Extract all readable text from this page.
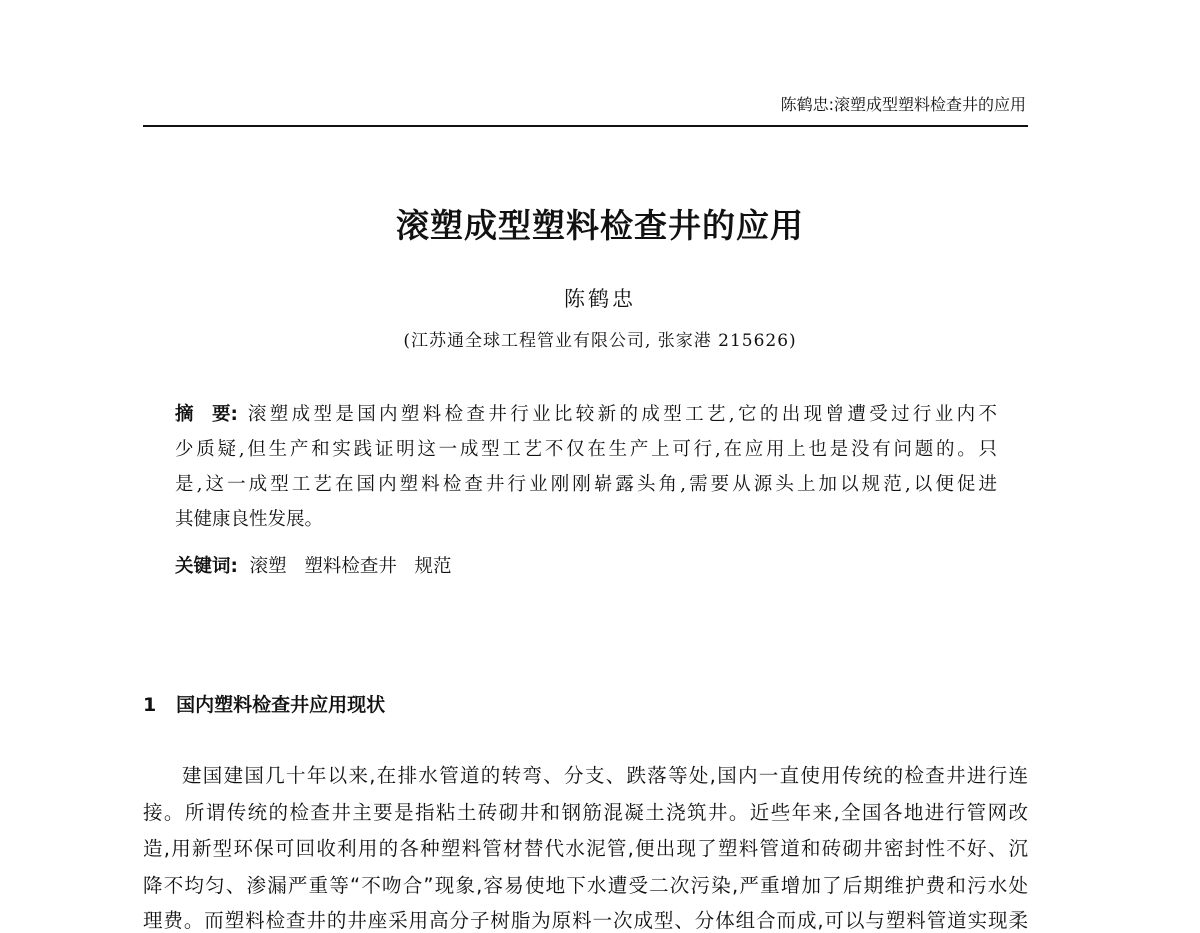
陈鹤忠:滚塑成型塑料检查井的应用
滚塑成型塑料检查井的应用
陈鹤忠
(江苏通全球工程管业有限公司, 张家港 215626)
摘　要: 滚塑成型是国内塑料检查井行业比较新的成型工艺,它的出现曾遭受过行业内不
少质疑,但生产和实践证明这一成型工艺不仅在生产上可行,在应用上也是没有问题的。只
是,这一成型工艺在国内塑料检查井行业刚刚崭露头角,需要从源头上加以规范,以便促进
其健康良性发展。
关键词: 滚塑 塑料检查井 规范
1 国内塑料检查井应用现状
建国建国几十年以来,在排水管道的转弯、分支、跌落等处,国内一直使用传统的检查井进行连
接。所谓传统的检查井主要是指粘土砖砌井和钢筋混凝土浇筑井。近些年来,全国各地进行管网改
造,用新型环保可回收利用的各种塑料管材替代水泥管,便出现了塑料管道和砖砌井密封性不好、沉
降不均匀、渗漏严重等“不吻合”现象,容易使地下水遭受二次污染,严重增加了后期维护费和污水处
理费。而塑料检查井的井座采用高分子树脂为原料一次成型、分体组合而成,可以与塑料管道实现柔
